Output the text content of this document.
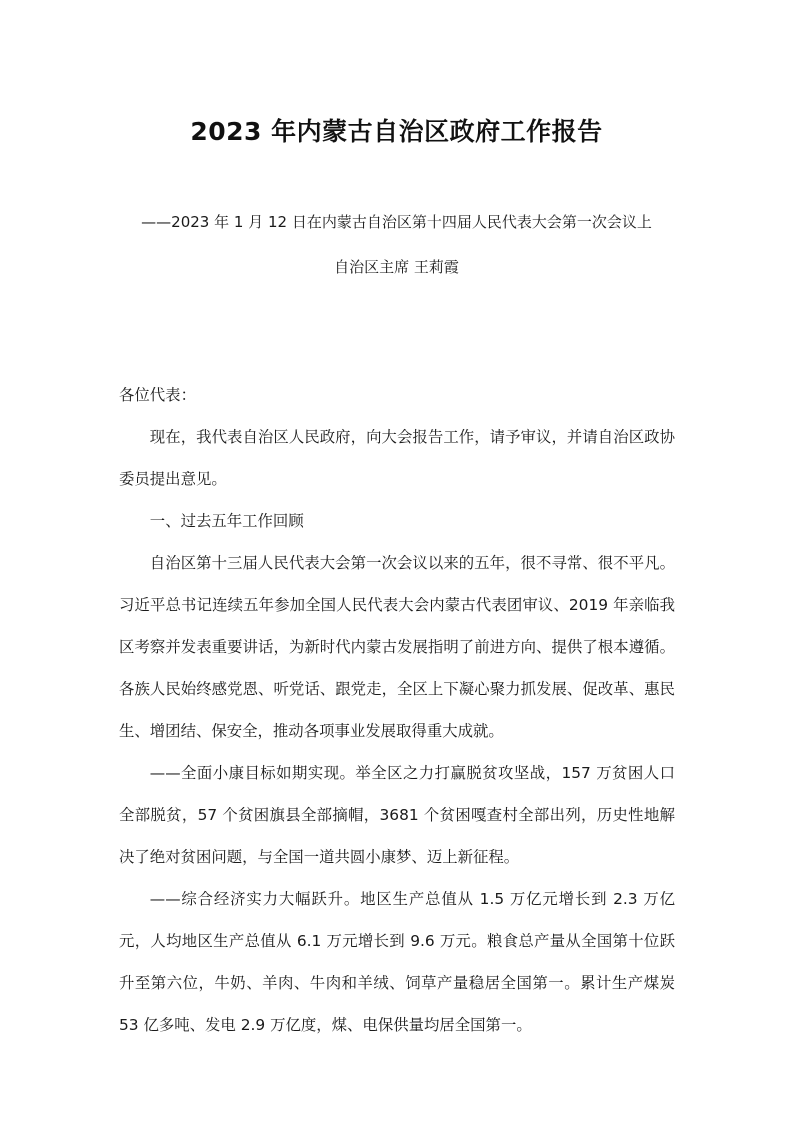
2023 年内蒙古自治区政府工作报告
——2023 年 1 月 12 日在内蒙古自治区第十四届人民代表大会第一次会议上
自治区主席 王莉霞

各位代表：

现在，我代表自治区人民政府，向大会报告工作，请予审议，并请自治区政协委员提出意见。

一、过去五年工作回顾

自治区第十三届人民代表大会第一次会议以来的五年，很不寻常、很不平凡。习近平总书记连续五年参加全国人民代表大会内蒙古代表团审议、2019 年亲临我区考察并发表重要讲话，为新时代内蒙古发展指明了前进方向、提供了根本遵循。各族人民始终感党恩、听党话、跟党走，全区上下凝心聚力抓发展、促改革、惠民生、增团结、保安全，推动各项事业发展取得重大成就。

——全面小康目标如期实现。举全区之力打赢脱贫攻坚战，157 万贫困人口全部脱贫，57 个贫困旗县全部摘帽，3681 个贫困嘎查村全部出列，历史性地解决了绝对贫困问题，与全国一道共圆小康梦、迈上新征程。

——综合经济实力大幅跃升。地区生产总值从 1.5 万亿元增长到 2.3 万亿元，人均地区生产总值从 6.1 万元增长到 9.6 万元。粮食总产量从全国第十位跃升至第六位，牛奶、羊肉、牛肉和羊绒、饲草产量稳居全国第一。累计生产煤炭 53 亿多吨、发电 2.9 万亿度，煤、电保供量均居全国第一。
